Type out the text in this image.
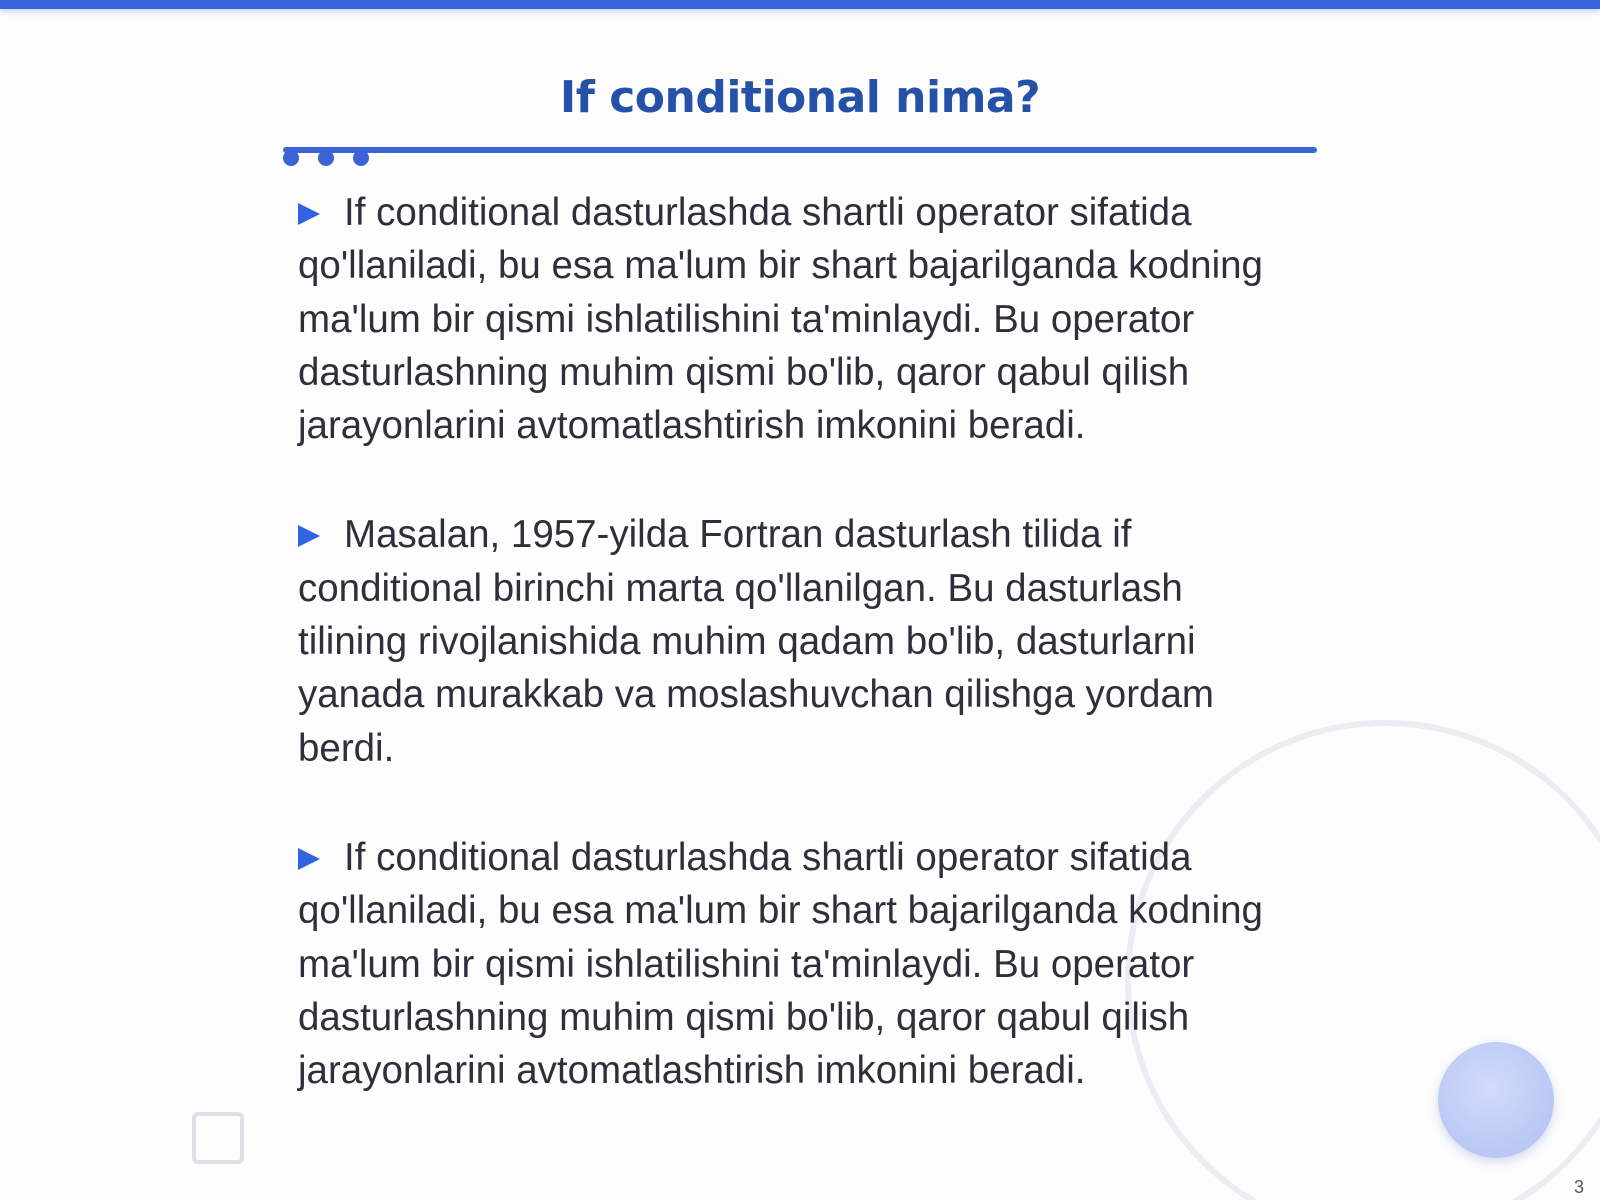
If conditional nima?

If conditional dasturlashda shartli operator sifatida qo'llaniladi, bu esa ma'lum bir shart bajarilganda kodning ma'lum bir qismi ishlatilishini ta'minlaydi. Bu operator dasturlashning muhim qismi bo'lib, qaror qabul qilish jarayonlarini avtomatlashtirish imkonini beradi.

Masalan, 1957-yilda Fortran dasturlash tilida if conditional birinchi marta qo'llanilgan. Bu dasturlash tilining rivojlanishida muhim qadam bo'lib, dasturlarni yanada murakkab va moslashuvchan qilishga yordam berdi.

If conditional dasturlashda shartli operator sifatida qo'llaniladi, bu esa ma'lum bir shart bajarilganda kodning ma'lum bir qismi ishlatilishini ta'minlaydi. Bu operator dasturlashning muhim qismi bo'lib, qaror qabul qilish jarayonlarini avtomatlashtirish imkonini beradi.

3
